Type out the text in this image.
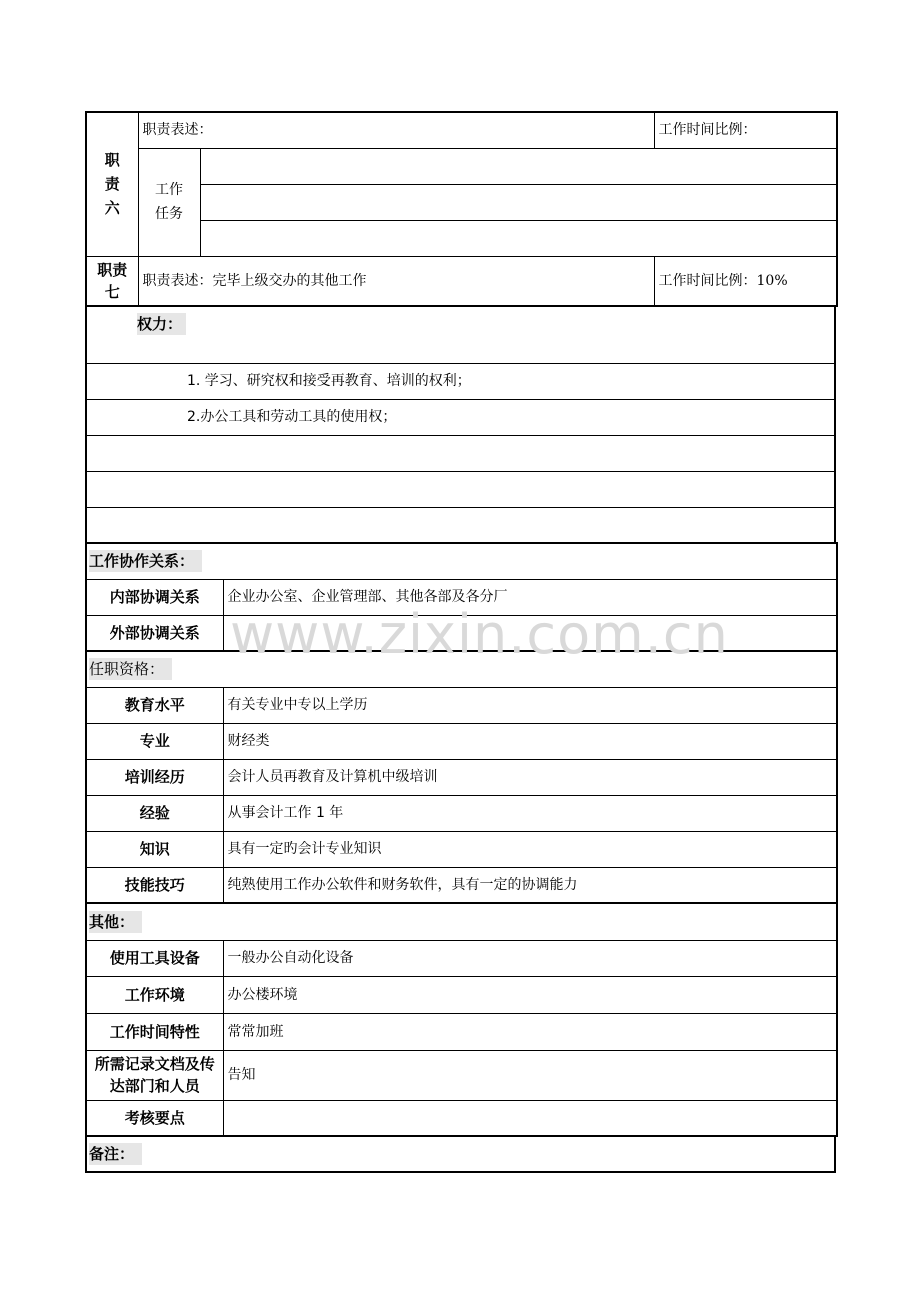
职
责
六	职责表述：		工作时间比例：
	工作
任务		

职责
七	职责表述：完毕上级交办的其他工作		工作时间比例：10%
权力：
1. 学习、研究权和接受再教育、培训的权利；
2.办公工具和劳动工具的使用权；

工作协作关系：	
内部协调关系	企业办公室、企业管理部、其他各部及各分厂
外部协调关系	
任职资格：	
教育水平	有关专业中专以上学历
专业	财经类
培训经历	会计人员再教育及计算机中级培训
经验	从事会计工作 1 年
知识	具有一定旳会计专业知识
技能技巧	纯熟使用工作办公软件和财务软件，具有一定的协调能力
其他：	
使用工具设备	一般办公自动化设备
工作环境	办公楼环境
工作时间特性	常常加班
所需记录文档及传达部门和人员	告知
考核要点	
备注：
www.zixin.com.cn
